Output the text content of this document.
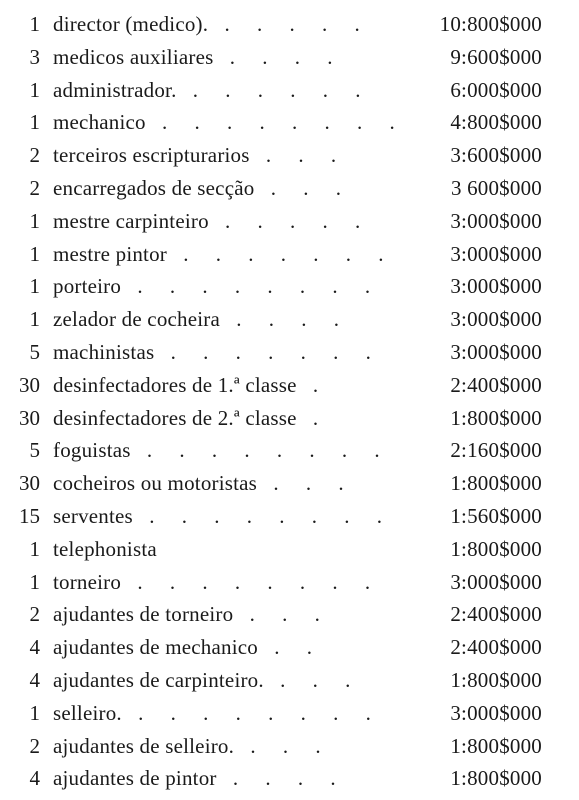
1 director (medico). . . . . .	10:800$000
3 medicos auxiliares . . . .	9:600$000
1 administrador. . . . . . .	6:000$000
1 mechanico . . . . . . . . 4:800$000
2 terceiros escripturarios . . .	3:600$000
2 encarregados de secção . . .	3 600$000
1 mestre carpinteiro . . . . .	3:000$000
1 mestre pintor . . . . . . .	3:000$000
1 porteiro . . . . . . . .	3:000$000
1 zelador de cocheira . . . .	3:000$000
5 machinistas . . . . . . .	3:000$000
30 desinfectadores de 1.ª classe .	2:400$000
30 desinfectadores de 2.ª classe .	1:800$000
5 foguistas . . . . . . . .	2:160$000
30 cocheiros ou motoristas . . .	1:800$000
15 serventes . . . . . . . .	1:560$000
1 telephonista	1:800$000
1 torneiro . . . . . . . .	3:000$000
2 ajudantes de torneiro . . .	2:400$000
4 ajudantes de mechanico . .	2:400$000
4 ajudantes de carpinteiro. . . .	1:800$000
1 selleiro. . . . . . . . .	3:000$000
2 ajudantes de selleiro. . . .	1:800$000
4 ajudantes de pintor . . . .	1:800$000
